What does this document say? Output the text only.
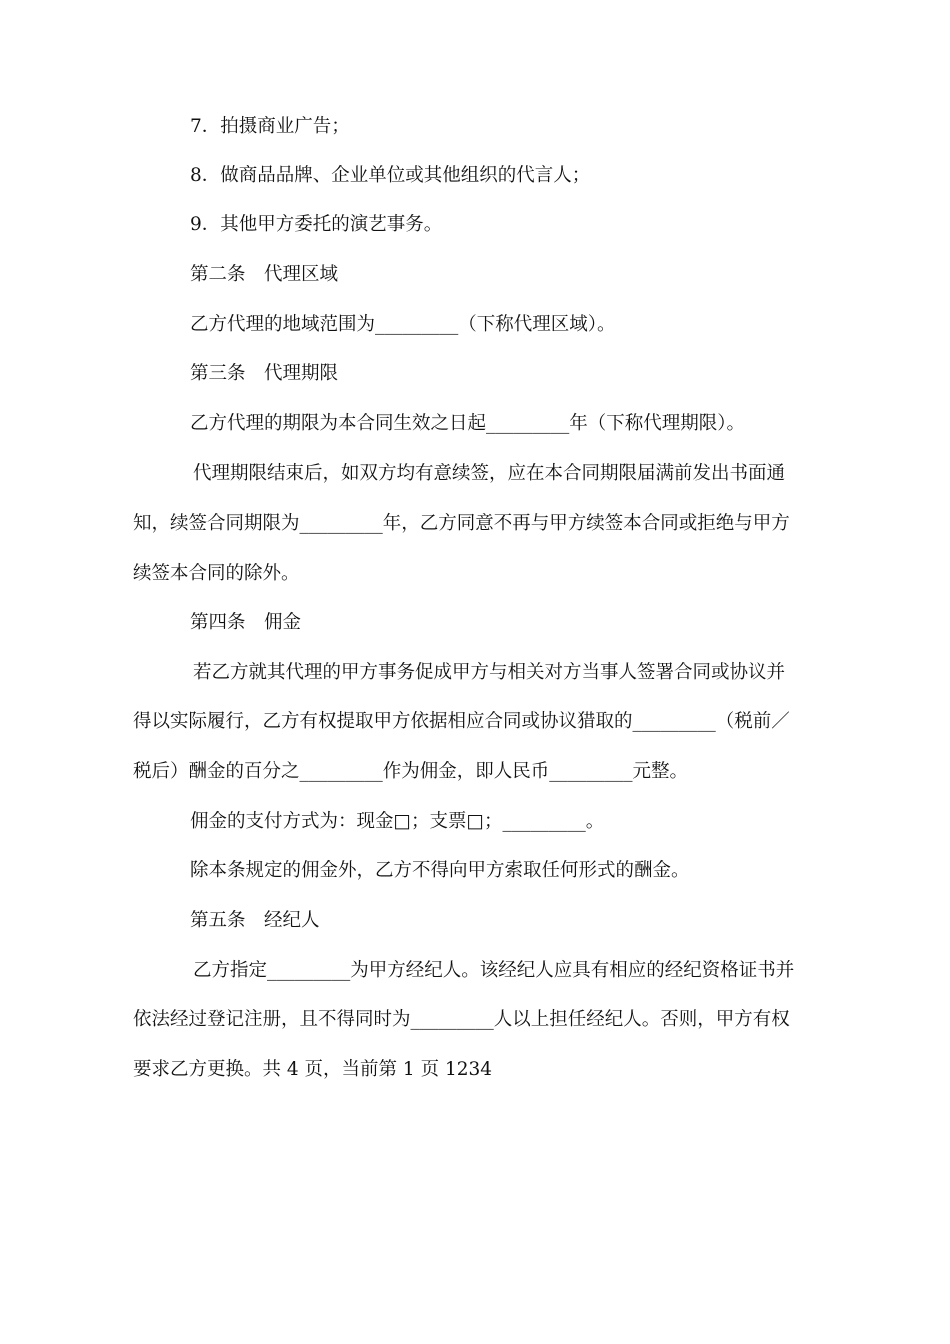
7．拍摄商业广告；
8．做商品品牌、企业单位或其他组织的代言人；
9．其他甲方委托的演艺事务。
第二条　代理区域
乙方代理的地域范围为_________（下称代理区域）。
第三条　代理期限
乙方代理的期限为本合同生效之日起_________年（下称代理期限）。
代理期限结束后，如双方均有意续签，应在本合同期限届满前发出书面通
知，续签合同期限为_________年，乙方同意不再与甲方续签本合同或拒绝与甲方
续签本合同的除外。
第四条　佣金
若乙方就其代理的甲方事务促成甲方与相关对方当事人签署合同或协议并
得以实际履行，乙方有权提取甲方依据相应合同或协议猎取的_________（税前／
税后）酬金的百分之_________作为佣金，即人民币_________元整。
佣金的支付方式为：现金□；支票□；_________。
除本条规定的佣金外，乙方不得向甲方索取任何形式的酬金。
第五条　经纪人
乙方指定_________为甲方经纪人。该经纪人应具有相应的经纪资格证书并
依法经过登记注册，且不得同时为_________人以上担任经纪人。否则，甲方有权
要求乙方更换。共 4 页，当前第 1 页 1234
